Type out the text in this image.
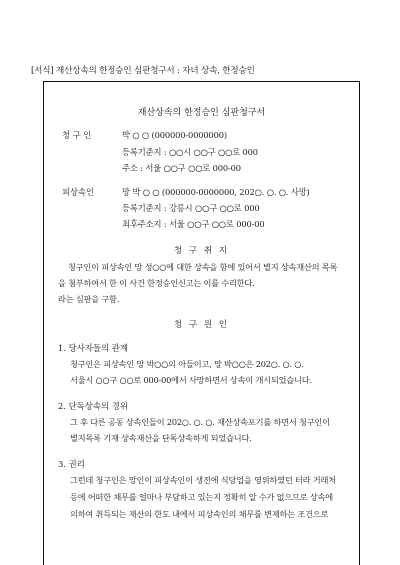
[서식] 재산상속의 한정승인 심판청구서 : 자녀 상속, 한정승인
재산상속의 한정승인 심판청구서
청 구 인	박 ○ ○ (000000-0000000)
등록기준지 : ○○시 ○○구 ○○로 000
주소 : 서울 ○○구 ○○로 000-00
피상속인	망 박 ○ ○ (000000-0000000, 202○. ○. ○. 사망)
등록기준지 : 강릉시 ○○구 ○○로 000
최후주소지 : 서울 ○○구 ○○로 000-00
청 구 취 지
청구인이 피상속인 망 성○○에 대한 상속을 함에 있어서 별지 상속재산의 목록
을 첨부하여서 한 이 사건 한정승인신고는 이를 수리한다.
라는 심판을 구함.
청 구 원 인
1. 당사자들의 관계
청구인은 피상속인 망 박○○의 아들이고, 망 박○○은 202○. ○. ○.
서울시 ○○구 ○○로 000-00에서 사망하면서 상속이 개시되었습니다.
2. 단독상속의 경위
그 후 다른 공동 상속인들이 202○. ○. ○. 재산상속포기를 하면서 청구인이
별지목록 기재 상속재산을 단독상속하게 되었습니다.
3. 권리
그런데 청구인은 망인이 피상속인이 생전에 식당업을 영위하였던 터라 거래처
등에 어떠한 채무를 얼마나 부담하고 있는지 정확히 알 수가 없으므로 상속에
의하여 취득되는 재산의 한도 내에서 피상속인의 채무를 변제하는 조건으로
